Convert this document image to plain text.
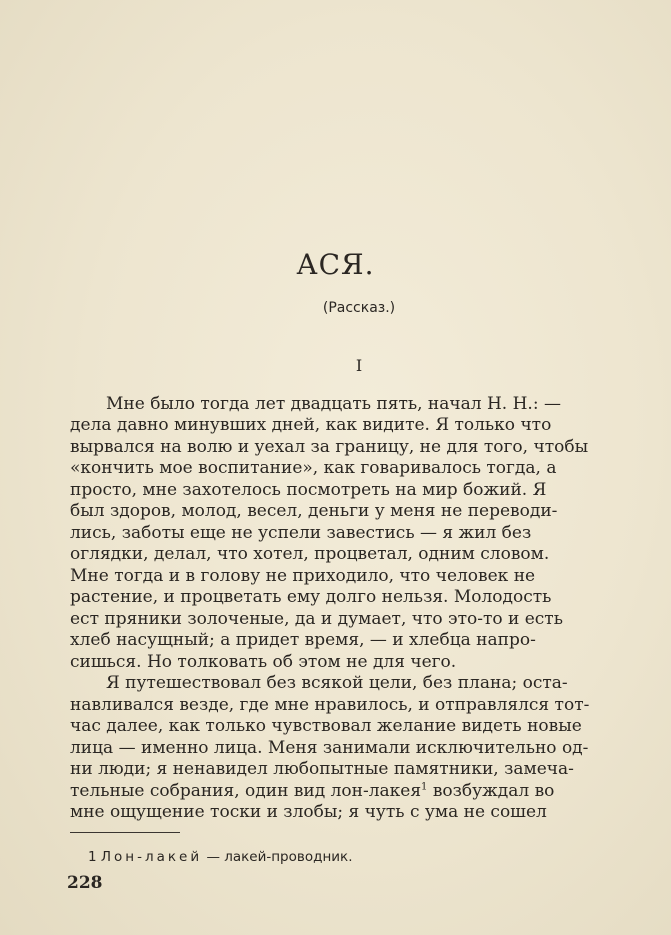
АСЯ.
(Рассказ.)
I
Мне было тогда лет двадцать пять, начал Н. Н.: —
дела давно минувших дней, как видите. Я только что
вырвался на волю и уехал за границу, не для того, чтобы
«кончить мое воспитание», как говаривалось тогда, а
просто, мне захотелось посмотреть на мир божий. Я
был здоров, молод, весел, деньги у меня не переводи-
лись, заботы еще не успели завестись — я жил без
оглядки, делал, что хотел, процветал, одним словом.
Мне тогда и в голову не приходило, что человек не
растение, и процветать ему долго нельзя. Молодость
ест пряники золоченые, да и думает, что это-то и есть
хлеб насущный; а придет время, — и хлебца напро-
сишься. Но толковать об этом не для чего.
Я путешествовал без всякой цели, без плана; оста-
навливался везде, где мне нравилось, и отправлялся тот-
час далее, как только чувствовал желание видеть новые
лица — именно лица. Меня занимали исключительно од-
ни люди; я ненавидел любопытные памятники, замеча-
тельные собрания, один вид лон-лакея$^1$ возбуждал во
мне ощущение тоски и злобы; я чуть с ума не сошел
1 Лон-лакей — лакей-проводник.
228
